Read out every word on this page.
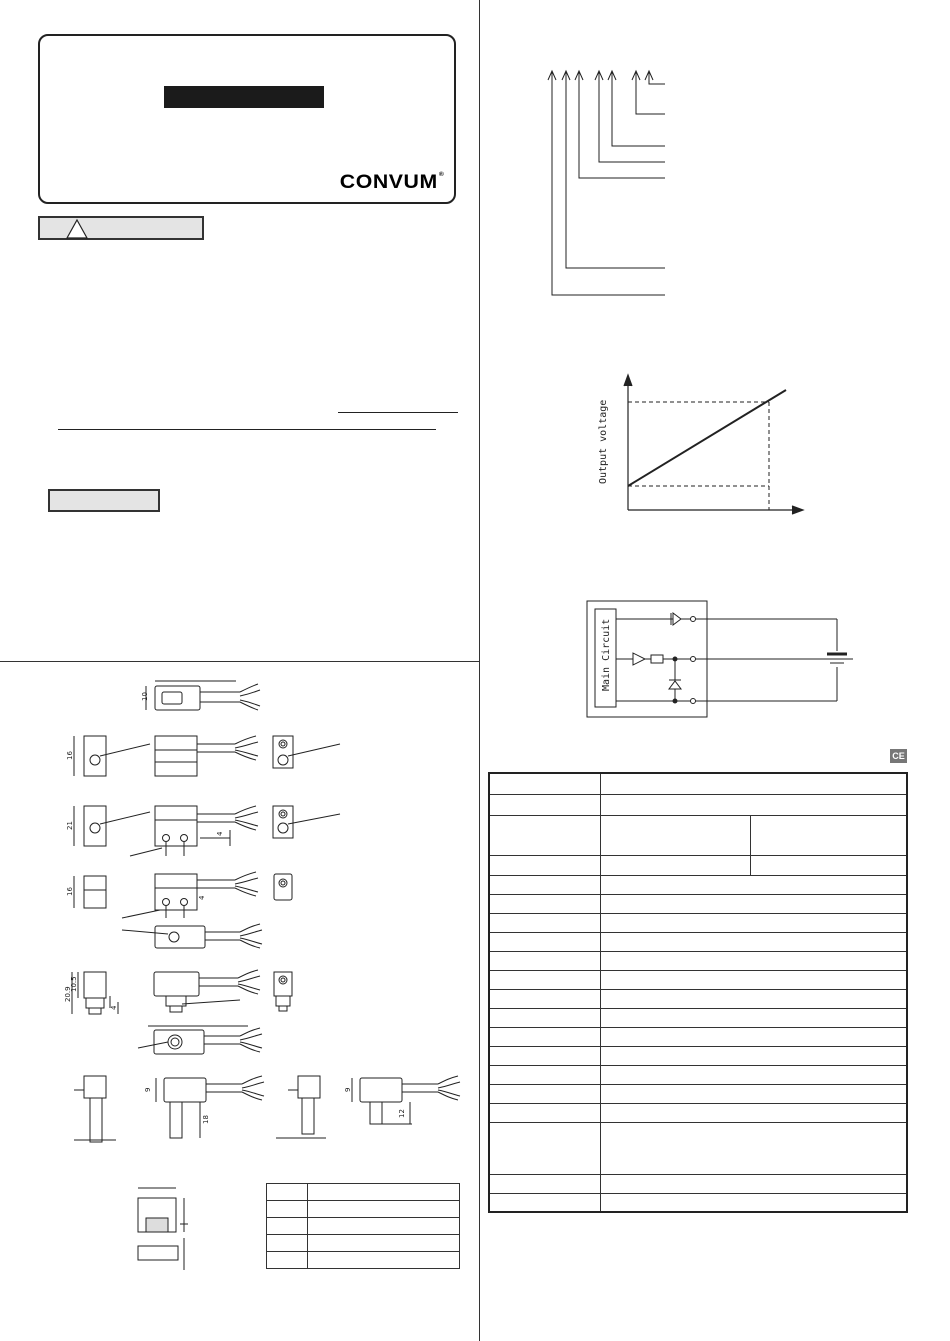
CONVUM®
Output voltage
Main Circuit
CE

10
16
21
4
16
4
20.9
10.5
4
9
18
9
12
